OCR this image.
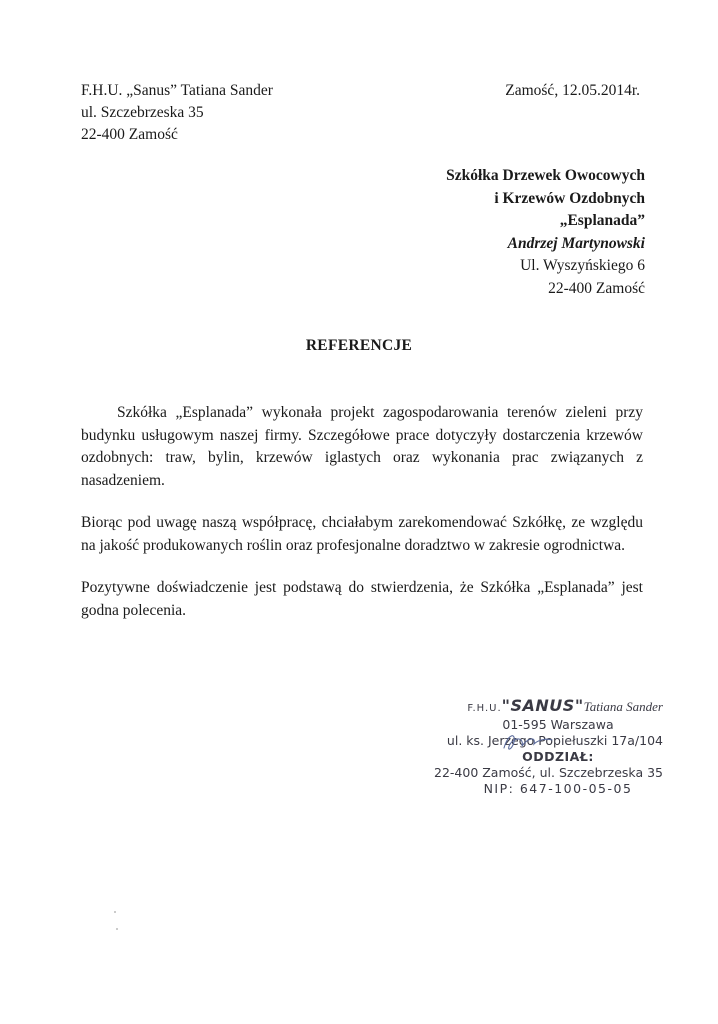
F.H.U. „Sanus” Tatiana Sander
ul. Szczebrzeska 35
22-400 Zamość
Zamość, 12.05.2014r.
Szkółka Drzewek Owocowych
i Krzewów Ozdobnych
„Esplanada”
Andrzej Martynowski
Ul. Wyszyńskiego 6
22-400 Zamość
REFERENCJE

Szkółka „Esplanada” wykonała projekt zagospodarowania terenów zieleni przy budynku usługowym naszej firmy. Szczegółowe prace dotyczyły dostarczenia krzewów ozdobnych: traw, bylin, krzewów iglastych oraz wykonania prac związanych z nasadzeniem.

Biorąc pod uwagę naszą współpracę, chciałabym zarekomendować Szkółkę, ze względu na jakość produkowanych roślin oraz profesjonalne doradztwo w zakresie ogrodnictwa.

Pozytywne doświadczenie jest podstawą do stwierdzenia, że Szkółka „Esplanada” jest godna polecenia.

F.H.U."SANUS"Tatiana Sander
01-595 Warszawa
ul. ks. Jerzego Popiełuszki 17a/104
ODDZIAŁ:
22-400 Zamość, ul. Szczebrzeska 35
NIP: 647-100-05-05
